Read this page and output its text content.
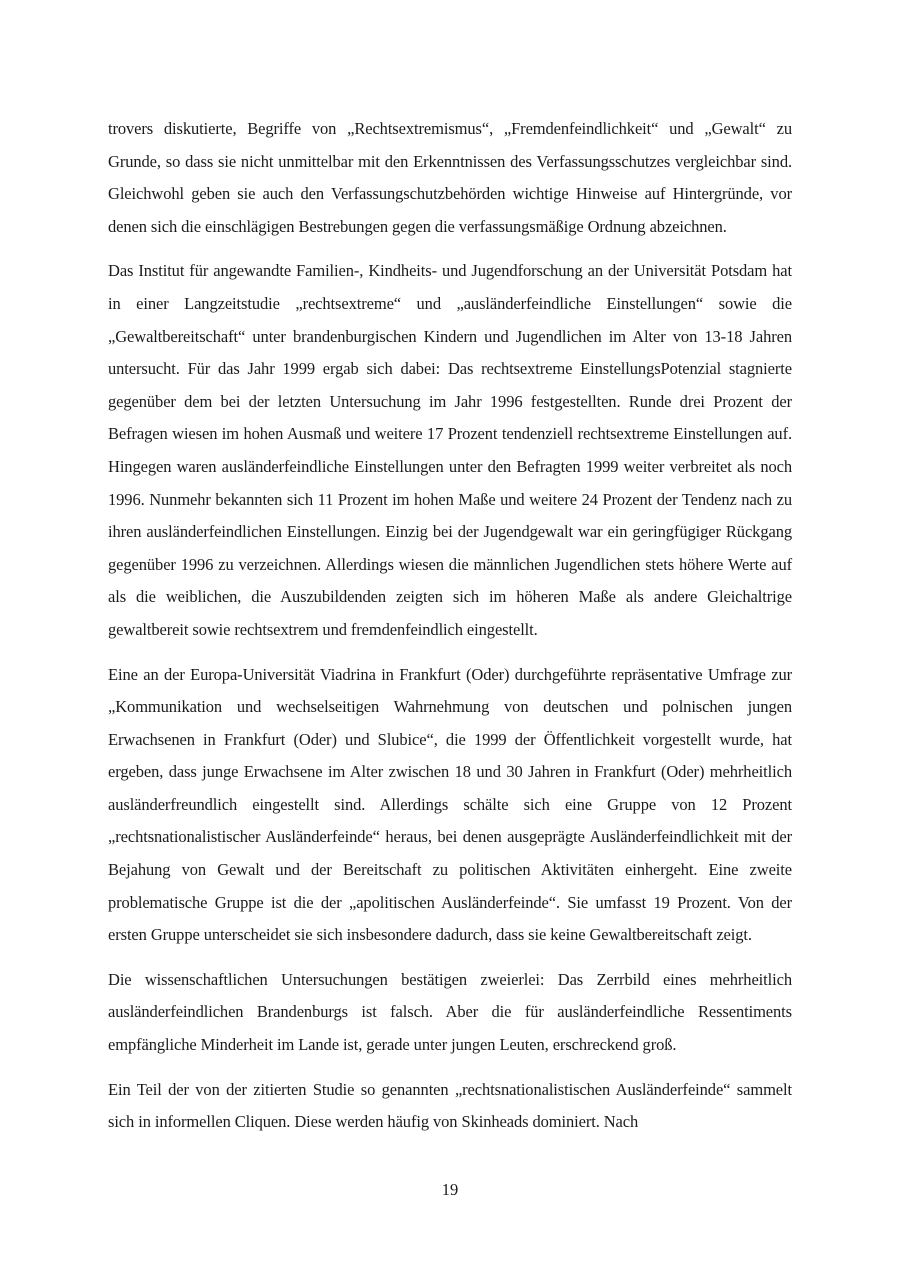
trovers diskutierte, Begriffe von „Rechtsextremismus“, „Fremdenfeindlichkeit“ und „Gewalt“ zu Grunde, so dass sie nicht unmittelbar mit den Erkenntnissen des Verfassungsschutzes vergleichbar sind. Gleichwohl geben sie auch den Verfassungschutzbehörden wichtige Hinweise auf Hintergründe, vor denen sich die einschlägigen Bestrebungen gegen die verfassungsmäßige Ordnung abzeichnen.

Das Institut für angewandte Familien-, Kindheits- und Jugendforschung an der Universität Potsdam hat in einer Langzeitstudie „rechtsextreme“ und „ausländerfeindliche Einstellungen“ sowie die „Gewaltbereitschaft“ unter brandenburgischen Kindern und Jugendlichen im Alter von 13-18 Jahren untersucht. Für das Jahr 1999 ergab sich dabei: Das rechtsextreme EinstellungsPotenzial stagnierte gegenüber dem bei der letzten Untersuchung im Jahr 1996 festgestellten. Runde drei Prozent der Befragen wiesen im hohen Ausmaß und weitere 17 Prozent tendenziell rechtsextreme Einstellungen auf. Hingegen waren ausländerfeindliche Einstellungen unter den Befragten 1999 weiter verbreitet als noch 1996. Nunmehr bekannten sich 11 Prozent im hohen Maße und weitere 24 Prozent der Tendenz nach zu ihren ausländerfeindlichen Einstellungen. Einzig bei der Jugendgewalt war ein geringfügiger Rückgang gegenüber 1996 zu verzeichnen. Allerdings wiesen die männlichen Jugendlichen stets höhere Werte auf als die weiblichen, die Auszubildenden zeigten sich im höheren Maße als andere Gleichaltrige gewaltbereit sowie rechtsextrem und fremdenfeindlich eingestellt.

Eine an der Europa-Universität Viadrina in Frankfurt (Oder) durchgeführte repräsentative Umfrage zur „Kommunikation und wechselseitigen Wahrnehmung von deutschen und polnischen jungen Erwachsenen in Frankfurt (Oder) und Slubice“, die 1999 der Öffentlichkeit vorgestellt wurde, hat ergeben, dass junge Erwachsene im Alter zwischen 18 und 30 Jahren in Frankfurt (Oder) mehrheitlich ausländerfreundlich eingestellt sind. Allerdings schälte sich eine Gruppe von 12 Prozent „rechtsnationalistischer Ausländerfeinde“ heraus, bei denen ausgeprägte Ausländerfeindlichkeit mit der Bejahung von Gewalt und der Bereitschaft zu politischen Aktivitäten einhergeht. Eine zweite problematische Gruppe ist die der „apolitischen Ausländerfeinde“. Sie umfasst 19 Prozent. Von der ersten Gruppe unterscheidet sie sich insbesondere dadurch, dass sie keine Gewaltbereitschaft zeigt.

Die wissenschaftlichen Untersuchungen bestätigen zweierlei: Das Zerrbild eines mehrheitlich ausländerfeindlichen Brandenburgs ist falsch. Aber die für ausländerfeindliche Ressentiments empfängliche Minderheit im Lande ist, gerade unter jungen Leuten, erschreckend groß.

Ein Teil der von der zitierten Studie so genannten „rechtsnationalistischen Ausländerfeinde“ sammelt sich in informellen Cliquen. Diese werden häufig von Skinheads dominiert. Nach

19
